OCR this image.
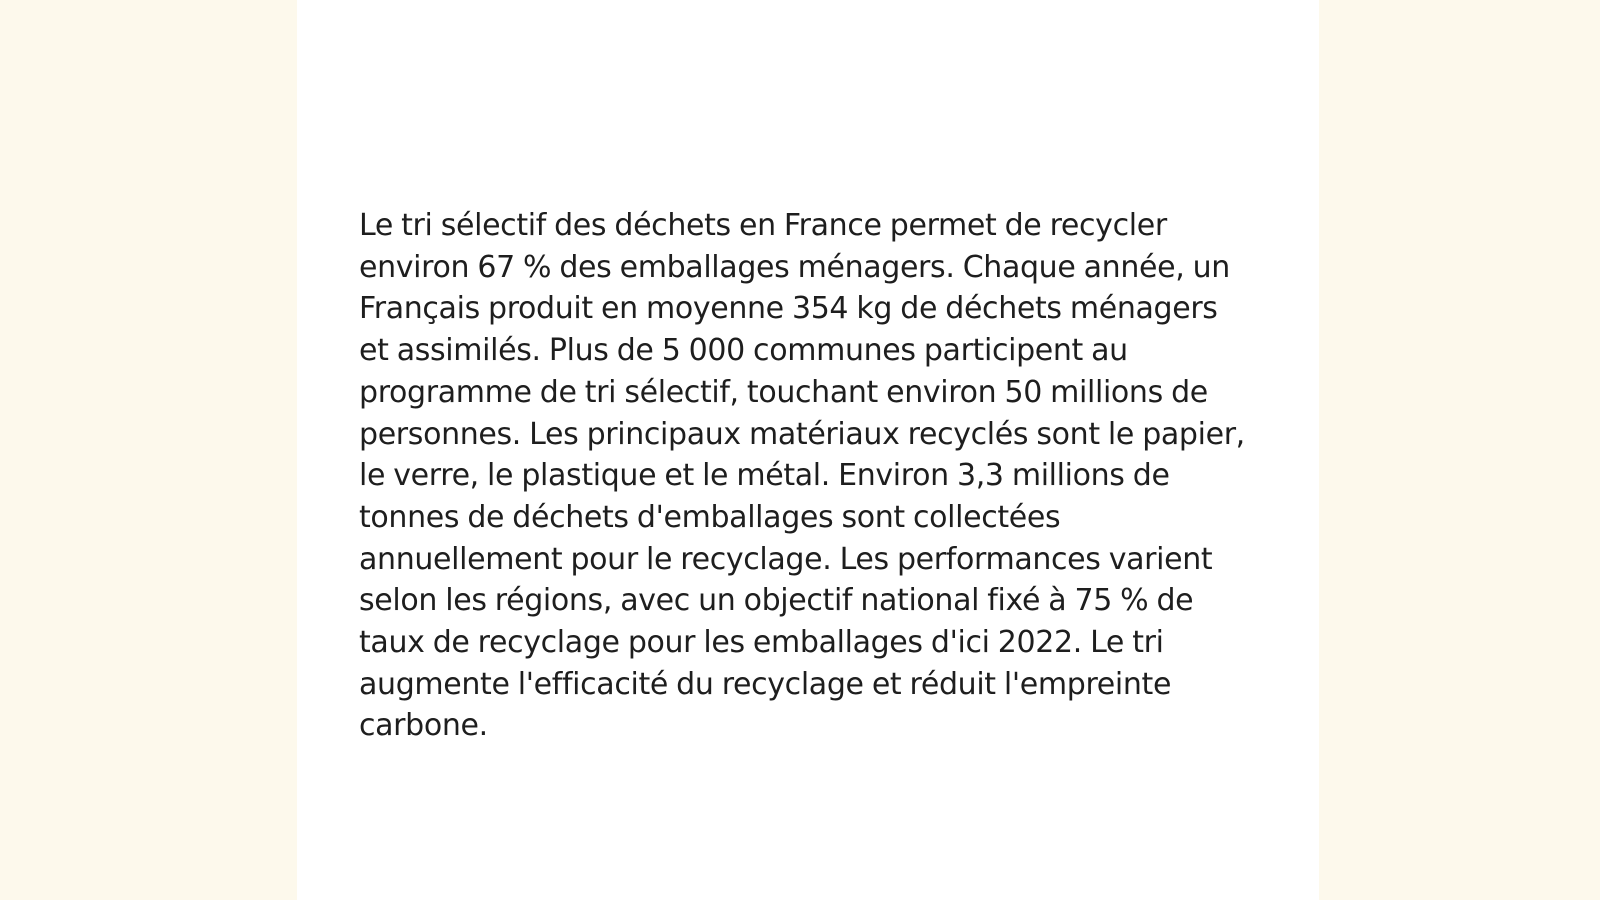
Le tri sélectif des déchets en France permet de recycler environ 67 % des emballages ménagers. Chaque année, un Français produit en moyenne 354 kg de déchets ménagers et assimilés. Plus de 5 000 communes participent au programme de tri sélectif, touchant environ 50 millions de personnes. Les principaux matériaux recyclés sont le papier, le verre, le plastique et le métal. Environ 3,3 millions de tonnes de déchets d'emballages sont collectées annuellement pour le recyclage. Les performances varient selon les régions, avec un objectif national fixé à 75 % de taux de recyclage pour les emballages d'ici 2022. Le tri augmente l'efficacité du recyclage et réduit l'empreinte carbone.
